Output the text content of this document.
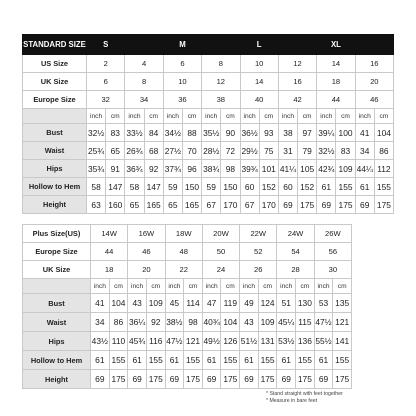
STANDARD SIZE	S				M				L				XL			
US Size	2		4		6		8		10		12		14		16	
UK Size	6		8		10		12		14		16		18		20	
Europe Size	32		34		36		38		40		42		44		46	
	inch	cm	inch	cm	inch	cm	inch	cm	inch	cm	inch	cm	inch	cm	inch	cm
Bust	32½	83	33½	84	34½	88	35½	90	36½	93	38	97	39¼	100	41	104
Waist	25¾	65	26¾	68	27½	70	28½	72	29½	75	31	79	32½	83	34	86
Hips	35¾	91	36¾	92	37¾	96	38¾	98	39¾	101	41¼	105	42¾	109	44¼	112
Hollow to Hem	58	147	58	147	59	150	59	150	60	152	60	152	61	155	61	155
Height	63	160	65	165	65	165	67	170	67	170	69	175	69	175	69	175
Plus Size(US)	14W		16W		18W		20W		22W		24W		26W	
Europe Size	44		46		48		50		52		54		56	
UK Size	18		20		22		24		26		28		30	
	inch	cm	inch	cm	inch	cm	inch	cm	inch	cm	inch	cm	inch	cm
Bust	41	104	43	109	45	114	47	119	49	124	51	130	53	135
Waist	34	86	36¼	92	38½	98	40¾	104	43	109	45¼	115	47½	121
Hips	43½	110	45¾	116	47½	121	49½	126	51½	131	53½	136	55½	141
Hollow to Hem	61	155	61	155	61	155	61	155	61	155	61	155	61	155
Height	69	175	69	175	69	175	69	175	69	175	69	175	69	175
* Stand straight with feet together
* Measure in bare feet
